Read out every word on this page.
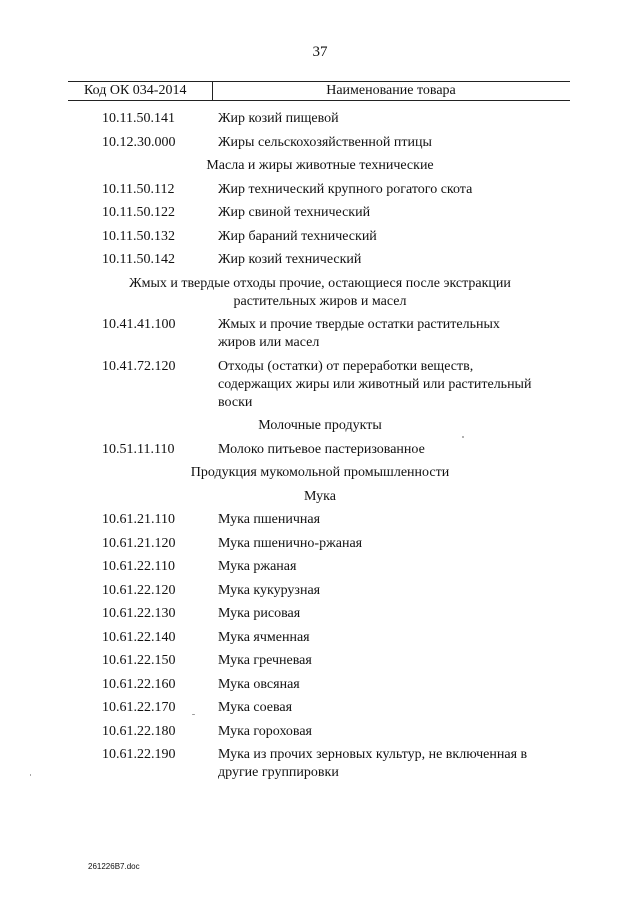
37
Код ОК 034-2014	Наименование товара
10.11.50.141	Жир козий пищевой
10.12.30.000	Жиры сельскохозяйственной птицы
Масла и жиры животные технические
10.11.50.112	Жир технический крупного рогатого скота
10.11.50.122	Жир свиной технический
10.11.50.132	Жир бараний технический
10.11.50.142	Жир козий технический
Жмых и твердые отходы прочие, остающиеся после экстракции
растительных жиров и масел
10.41.41.100	Жмых и прочие твердые остатки растительных
жиров или масел
10.41.72.120	Отходы (остатки) от переработки веществ,
содержащих жиры или животный или растительный
воски
Молочные продукты
10.51.11.110	Молоко питьевое пастеризованное
Продукция мукомольной промышленности
Мука
10.61.21.110	Мука пшеничная
10.61.21.120	Мука пшенично-ржаная
10.61.22.110	Мука ржаная
10.61.22.120	Мука кукурузная
10.61.22.130	Мука рисовая
10.61.22.140	Мука ячменная
10.61.22.150	Мука гречневая
10.61.22.160	Мука овсяная
10.61.22.170	Мука соевая
10.61.22.180	Мука гороховая
10.61.22.190	Мука из прочих зерновых культур, не включенная в
другие группировки
261226B7.doc
